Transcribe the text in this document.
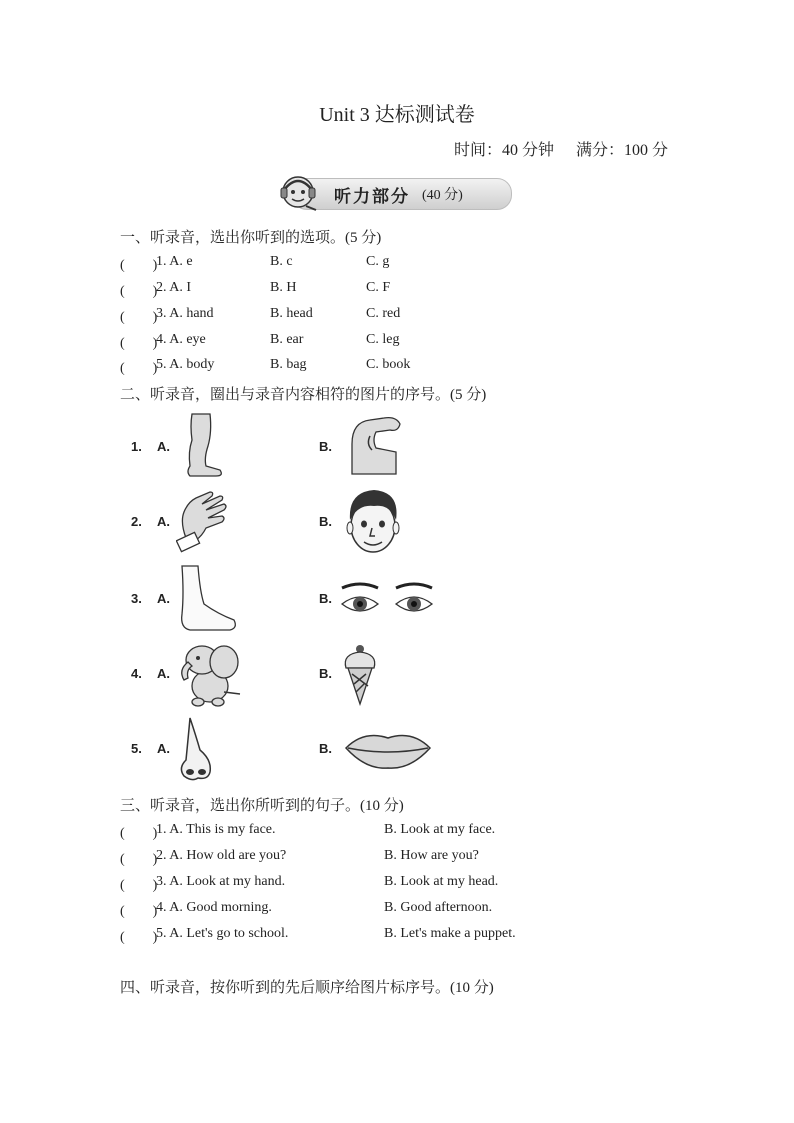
Unit 3 达标测试卷
时间：40 分钟 满分：100 分
听力部分 (40 分)
一、听录音，选出你听到的选项。(5 分)
(　　)
1. A. e	B. c	C. g
(　　)
2. A. I	B. H	C. F
(　　)
3. A. hand	B. head	C. red
(　　)
4. A. eye	B. ear	C. leg
(　　)
5. A. body	B. bag	C. book
二、听录音，圈出与录音内容相符的图片的序号。(5 分)
1. A.	B.
2. A.	B.
3. A.	B.
4. A.	B.
5. A.	B.
三、听录音，选出你所听到的句子。(10 分)
(　　)
1. A. This is my face.	B. Look at my face.
(　　)
2. A. How old are you?	B. How are you?
(　　)
3. A. Look at my hand.	B. Look at my head.
(　　)
4. A. Good morning.	B. Good afternoon.
(　　)
5. A. Let's go to school.	B. Let's make a puppet.
四、听录音，按你听到的先后顺序给图片标序号。(10 分)
